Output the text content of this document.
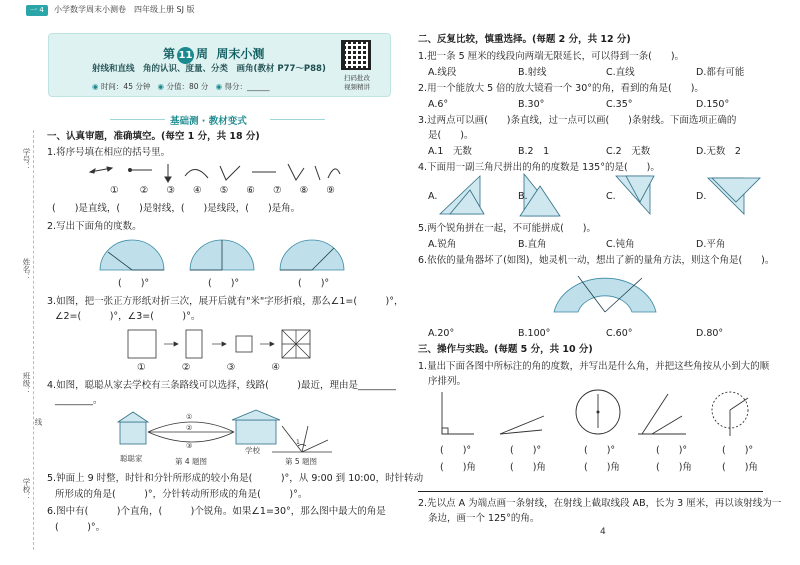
一 4	小学数学周末小测卷　四年级上册 SJ 版
第 11 周 周末小测
射线和直线　角的认识、度量、分类　画角(教材 P77～P88)
◉ 时间：45 分钟 ◉ 分值：80 分 ◉ 得分：______
扫码批改
视频精讲
基础测 · 教材变式
学号：
姓名：
班级：
线
学校：
一、认真审题，准确填空。(每空 1 分，共 18 分)
1.将序号填在相应的括号里。
① ② ③ ④ ⑤ ⑥ ⑦ ⑧ ⑨
(　　)是直线，(　　)是射线，(　　)是线段，(　　)是角。
2.写出下面角的度数。
(　　)°	(　　)°	(　　)°
3.如图，把一张正方形纸对折三次，展开后就有"米"字形折痕，那么∠1=(　　　)°，
∠2=(　　　)°，∠3=(　　　)°。
①	②	③	④
4.如图，聪聪从家去学校有三条路线可以选择，线路(　　　)最近，理由是________
________。
①
②
③
聪聪家
学校
第 4 题图
1
第 5 题图
5.钟面上 9 时整，时针和分针所形成的较小角是(　　　)°，从 9:00 到 10:00，时针转动
所形成的角是(　　　)°，分针转动所形成的角是(　　　)°。
6.图中有(　　　)个直角，(　　　)个锐角。如果∠1=30°，那么图中最大的角是
(　　　)°。
二、反复比较，慎重选择。(每题 2 分，共 12 分)
1.把一条 5 厘米的线段向两端无限延长，可以得到一条(　　)。
A.线段	B.射线	C.直线	D.都有可能
2.用一个能放大 5 倍的放大镜看一个 30°的角，看到的角是(　　)。
A.6°	B.30°	C.35°	D.150°
3.过两点可以画(　　)条直线，过一点可以画(　　)条射线。下面选项正确的
是(　　)。
A.1　无数	B.2　1	C.2　无数	D.无数　2
4.下面用一副三角尺拼出的角的度数是 135°的是(　　)。
A.	B.	C.	D.
5.两个锐角拼在一起，不可能拼成(　　)。
A.锐角	B.直角	C.钝角	D.平角
6.依依的量角器坏了(如图)，她灵机一动，想出了新的量角方法，则这个角是(　　)。
A.20°	B.100°	C.60°	D.80°
三、操作与实践。(每题 5 分，共 10 分)
1.量出下面各图中所标注的角的度数，并写出是什么角，并把这些角按从小到大的顺
序排列。
(　　)°	(　　)°	(　　)°	(　　)°	(　　)°
(　　)角	(　　)角	(　　)角	(　　)角	(　　)角
2.先以点 A 为端点画一条射线，在射线上截取线段 AB，长为 3 厘米，再以该射线为一
条边，画一个 125°的角。
4
